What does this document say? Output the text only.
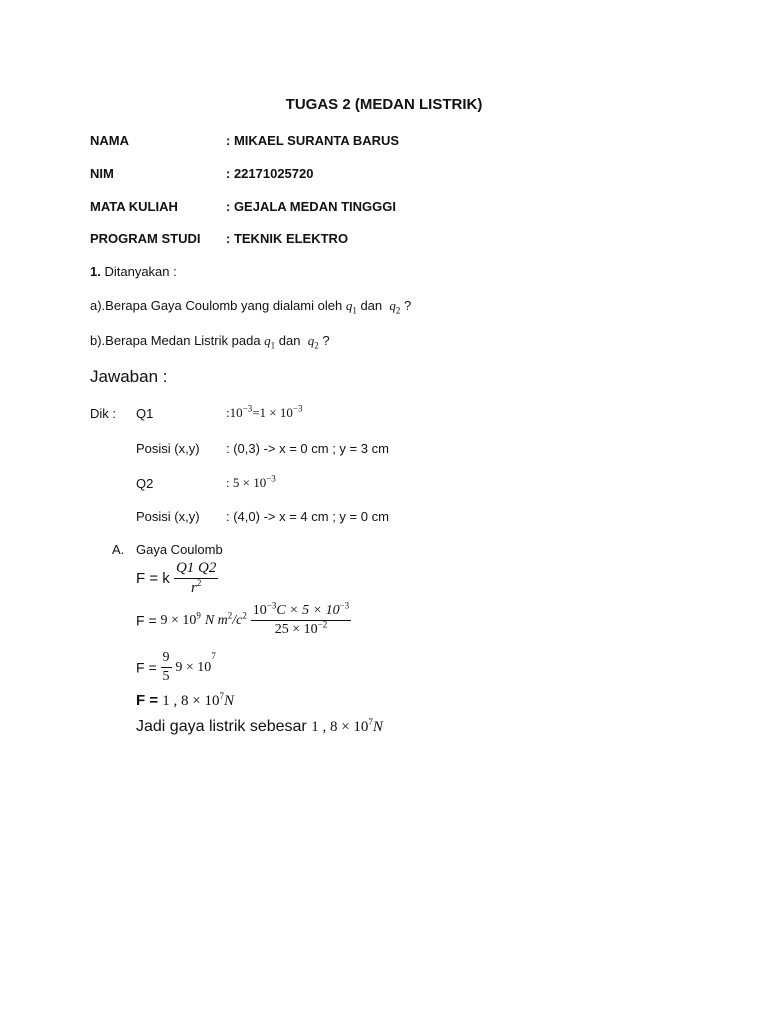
TUGAS 2 (MEDAN LISTRIK)
NAMA	: MIKAEL SURANTA BARUS
NIM	: 22171025720
MATA KULIAH	: GEJALA MEDAN TINGGGI
PROGRAM STUDI : TEKNIK ELEKTRO
1. Ditanyakan :
a).Berapa Gaya Coulomb yang dialami oleh $q_1$ dan $q_2$ ?
b).Berapa Medan Listrik pada $q_1$ dan $q_2$ ?
Jawaban :
Dik : Q1	$:10^{-3}=1 \times 10^{-3}$
Posisi (x,y) : (0,3) -> x = 0 cm ; y = 3 cm
Q2	: $5 \times 10^{-3}$
Posisi (x,y) : (4,0) -> x = 4 cm ; y = 0 cm
A. Gaya Coulomb
F = k $\frac{Q1 Q2}{r^2}$
$F = 9 \times 10^9$ N $m^2/c^2 \frac{10^{-3}C \times 5 \times 10^{-3}}{25 \times 10^{-2}}$
$F = \frac{9}{5} 9 \times 10^7$
F = 1 , $8 \times 10^7N$
Jadi gaya listrik sebesar 1 , $8 \times 10^7N$
